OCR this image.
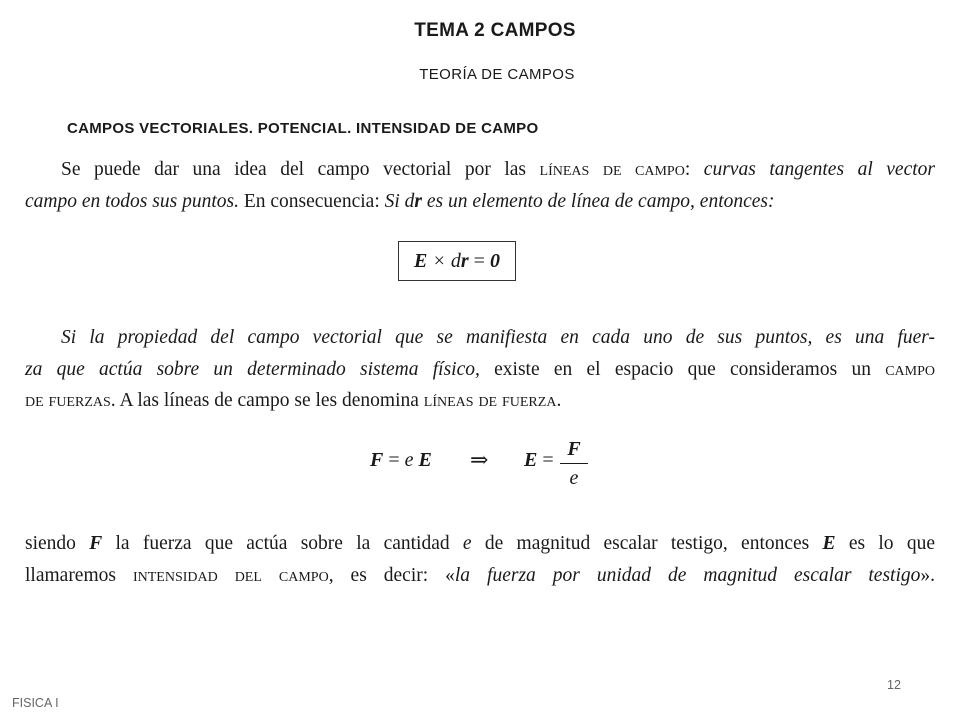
TEMA 2 CAMPOS
TEORÍA DE CAMPOS
CAMPOS VECTORIALES. POTENCIAL. INTENSIDAD DE CAMPO
Se puede dar una idea del campo vectorial por las líneas de campo: curvas tangentes al vector
campo en todos sus puntos. En consecuencia: Si dr es un elemento de línea de campo, entonces:
E × dr = 0
Si la propiedad del campo vectorial que se manifiesta en cada uno de sus puntos, es una fuer-
za que actúa sobre un determinado sistema físico, existe en el espacio que consideramos un campo
de fuerzas. A las líneas de campo se les denomina líneas de fuerza.
F = e E ⇒ E = F
e
siendo F la fuerza que actúa sobre la cantidad e de magnitud escalar testigo, entonces E es lo que
llamaremos intensidad del campo, es decir: «la fuerza por unidad de magnitud escalar testigo».
FISICA I
12
